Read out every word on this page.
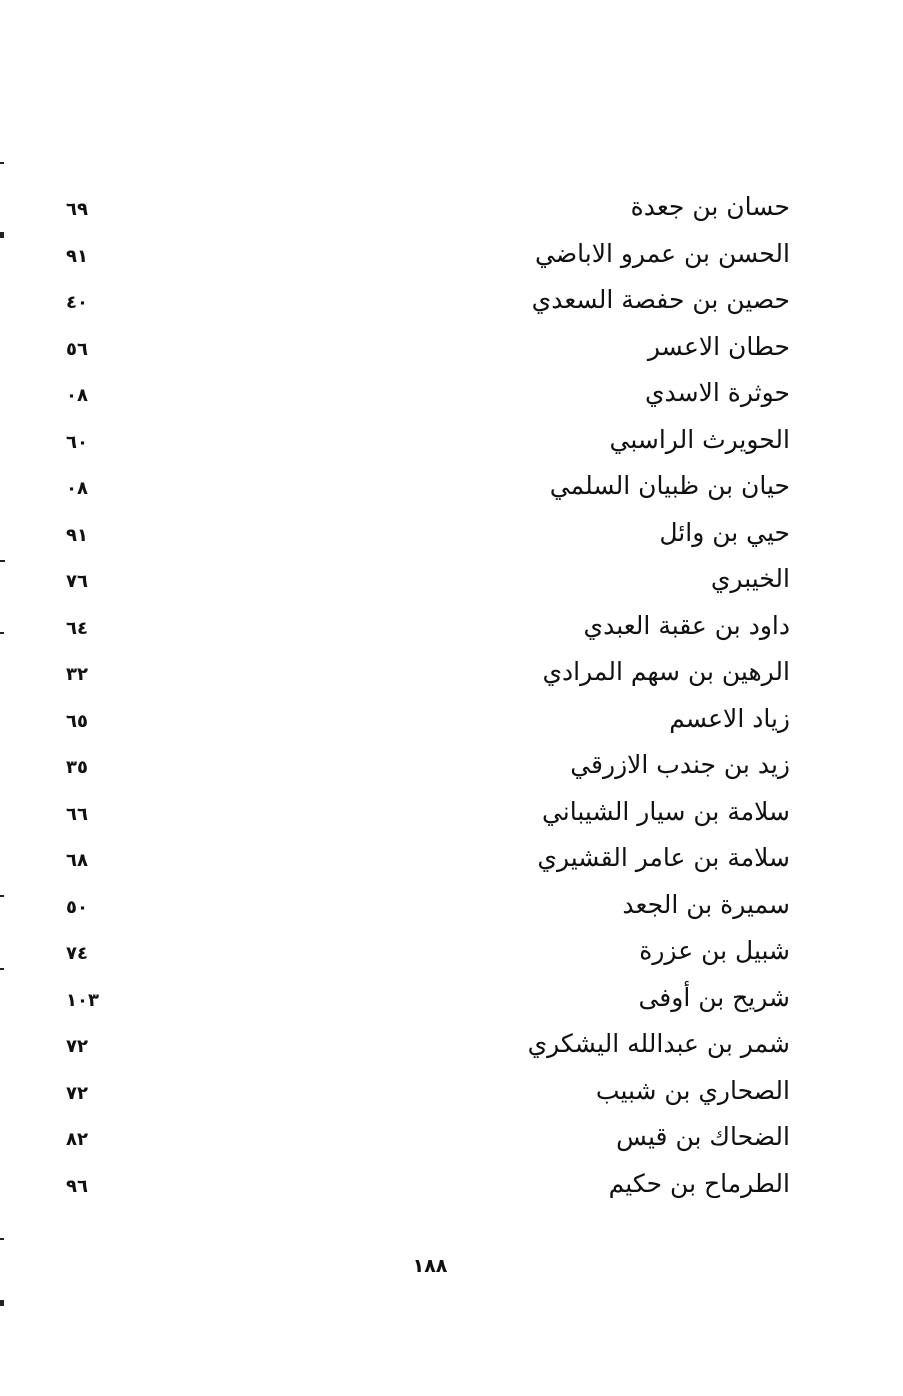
حسان بن جعدة
٦٩
الحسن بن عمرو الاباضي
٩١
حصين بن حفصة السعدي
٤٠
حطان الاعسر
٥٦
حوثرة الاسدي
٠٨
الحويرث الراسبي
٦٠
حيان بن ظبيان السلمي
٠٨
حيي بن وائل
٩١
الخيبري
٧٦
داود بن عقبة العبدي
٦٤
الرهين بن سهم المرادي
٣٢
زياد الاعسم
٦٥
زيد بن جندب الازرقي
٣٥
سلامة بن سيار الشيباني
٦٦
سلامة بن عامر القشيري
٦٨
سميرة بن الجعد
٥٠
شبيل بن عزرة
٧٤
شريح بن أوفى
١٠٣
شمر بن عبدالله اليشكري
٧٢
الصحاري بن شبيب
٧٢
الضحاك بن قيس
٨٢
الطرماح بن حكيم
٩٦
١٨٨
